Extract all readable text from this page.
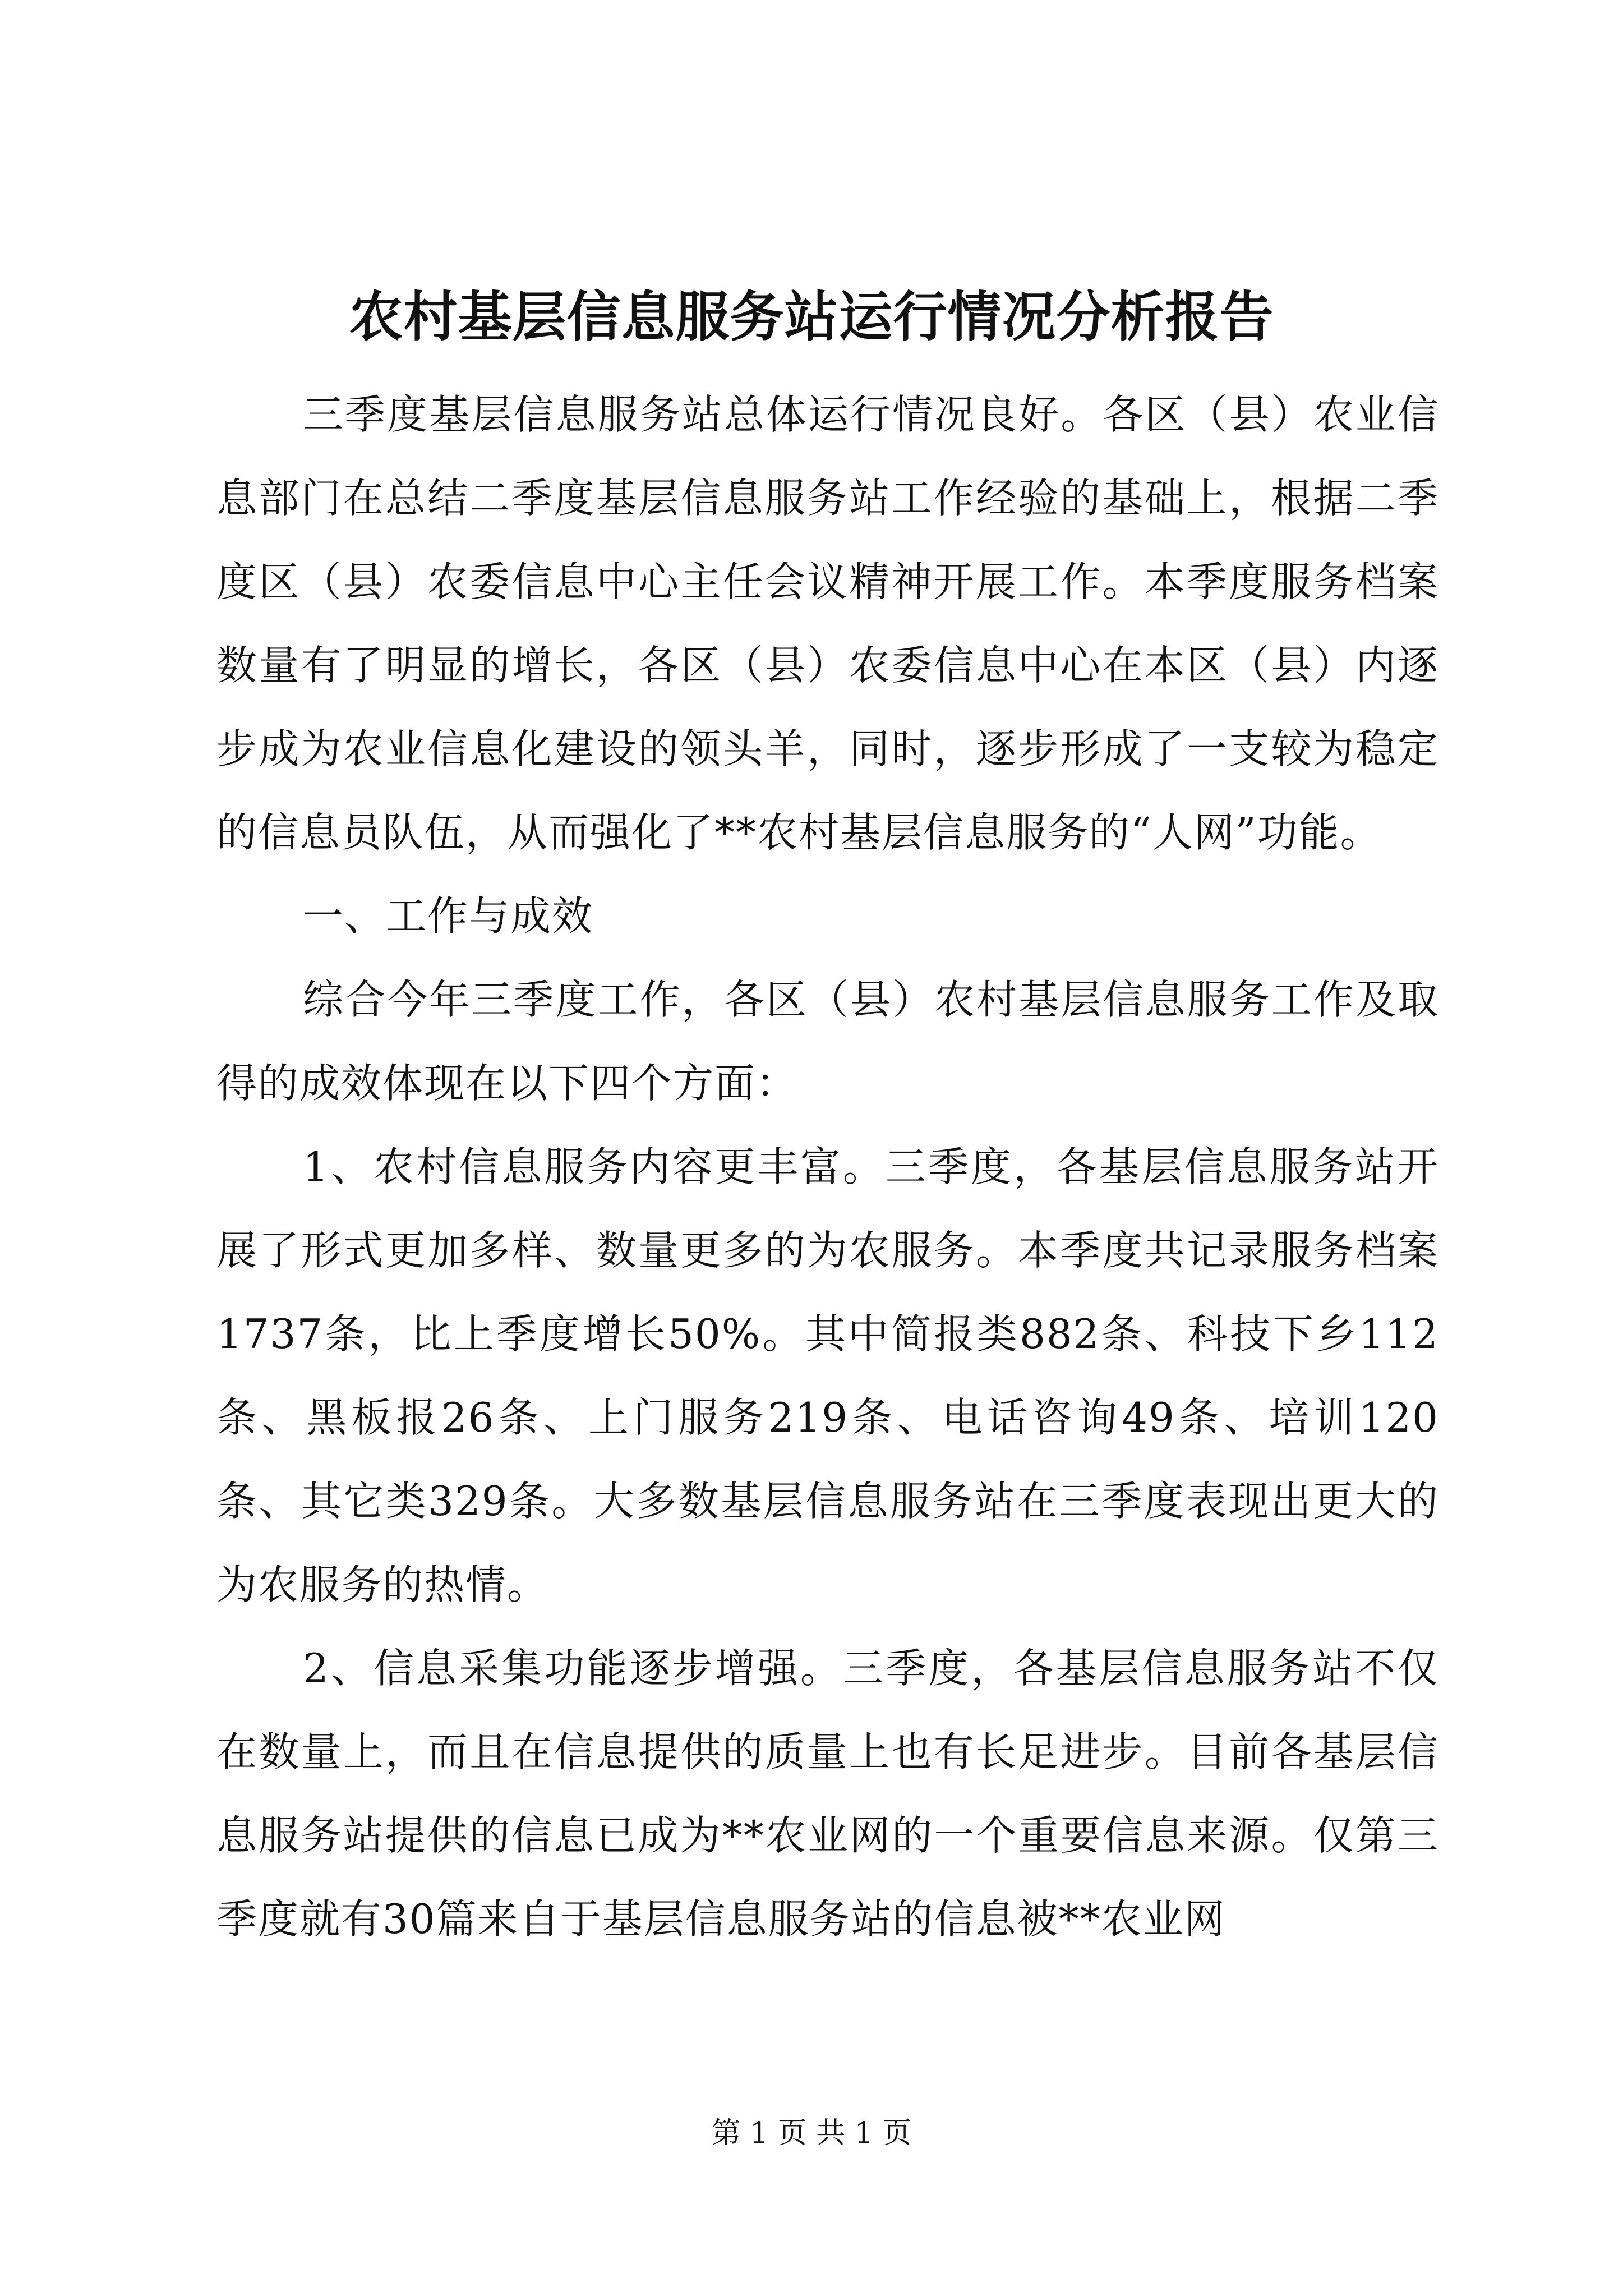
农村基层信息服务站运行情况分析报告

三季度基层信息服务站总体运行情况良好。各区（县）农业信息部门在总结二季度基层信息服务站工作经验的基础上，根据二季度区（县）农委信息中心主任会议精神开展工作。本季度服务档案数量有了明显的增长，各区（县）农委信息中心在本区（县）内逐步成为农业信息化建设的领头羊，同时，逐步形成了一支较为稳定的信息员队伍，从而强化了**农村基层信息服务的“人网”功能。

一、工作与成效

综合今年三季度工作，各区（县）农村基层信息服务工作及取得的成效体现在以下四个方面：

1、农村信息服务内容更丰富。三季度，各基层信息服务站开展了形式更加多样、数量更多的为农服务。本季度共记录服务档案1737条，比上季度增长50%。其中简报类882条、科技下乡112条、黑板报26条、上门服务219条、电话咨询49条、培训120条、其它类329条。大多数基层信息服务站在三季度表现出更大的为农服务的热情。

2、信息采集功能逐步增强。三季度，各基层信息服务站不仅在数量上，而且在信息提供的质量上也有长足进步。目前各基层信息服务站提供的信息已成为**农业网的一个重要信息来源。仅第三季度就有30篇来自于基层信息服务站的信息被**农业网

第 1 页 共 1 页
